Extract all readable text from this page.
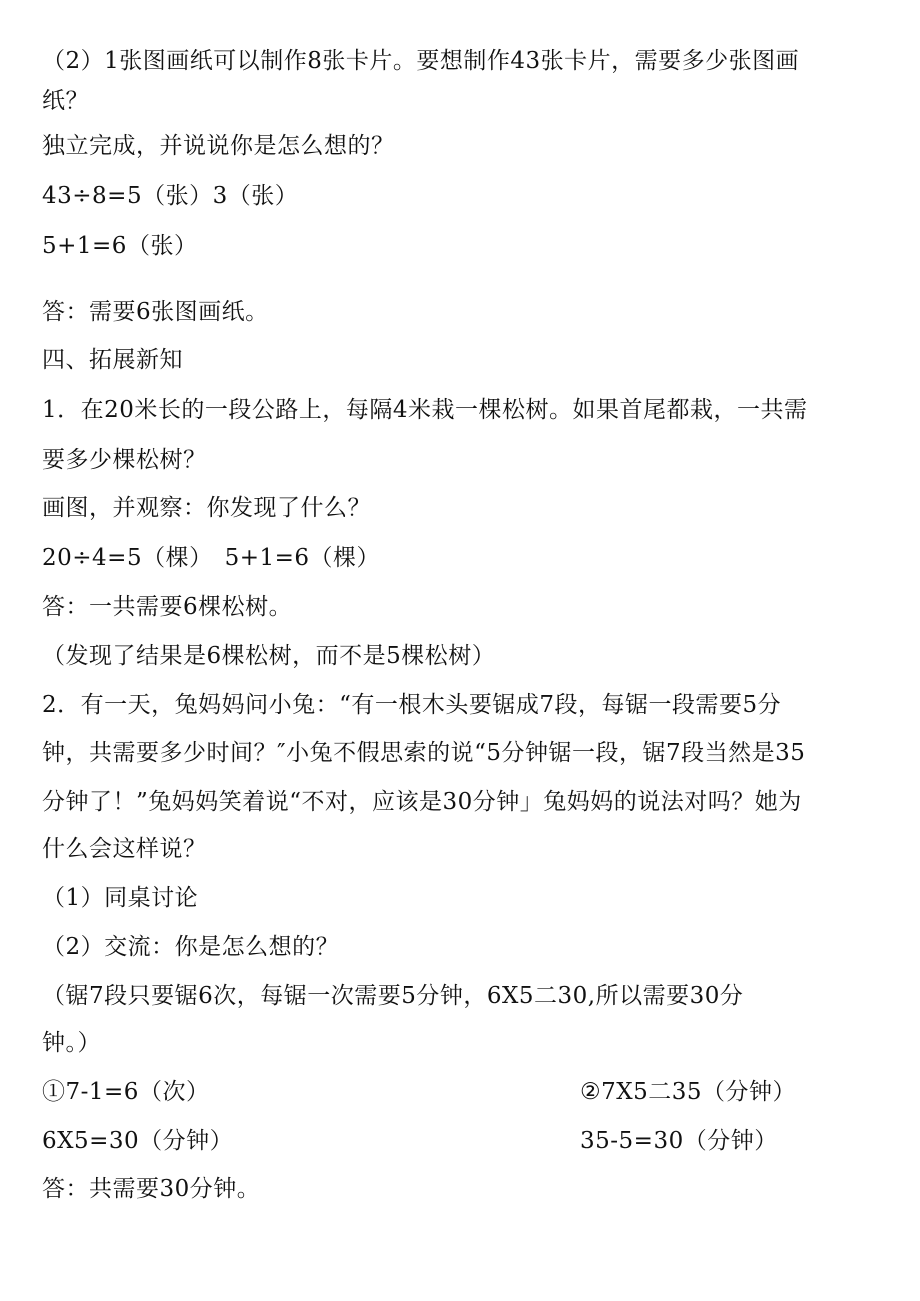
（2）1张图画纸可以制作8张卡片。要想制作43张卡片，需要多少张图画
纸？
独立完成，并说说你是怎么想的？
43÷8=5（张）3（张）
5+1=6（张）
答：需要6张图画纸。
四、拓展新知
1．在20米长的一段公路上，每隔4米栽一棵松树。如果首尾都栽，一共需
要多少棵松树？
画图，并观察：你发现了什么？
20÷4=5（棵）　5+1=6（棵）
答：一共需要6棵松树。
（发现了结果是6棵松树，而不是5棵松树）
2．有一天，兔妈妈问小兔：“有一根木头要锯成7段，每锯一段需要5分
钟，共需要多少时间？″小兔不假思索的说“5分钟锯一段，锯7段当然是35
分钟了！”兔妈妈笑着说“不对，应该是30分钟」兔妈妈的说法对吗？她为
什么会这样说？
（1）同桌讨论
（2）交流：你是怎么想的？
（锯7段只要锯6次，每锯一次需要5分钟，6X5二30,所以需要30分
钟。）
①7-1=6（次）	②7X5二35（分钟）
6X5=30（分钟）	35-5=30（分钟）
答：共需要30分钟。
